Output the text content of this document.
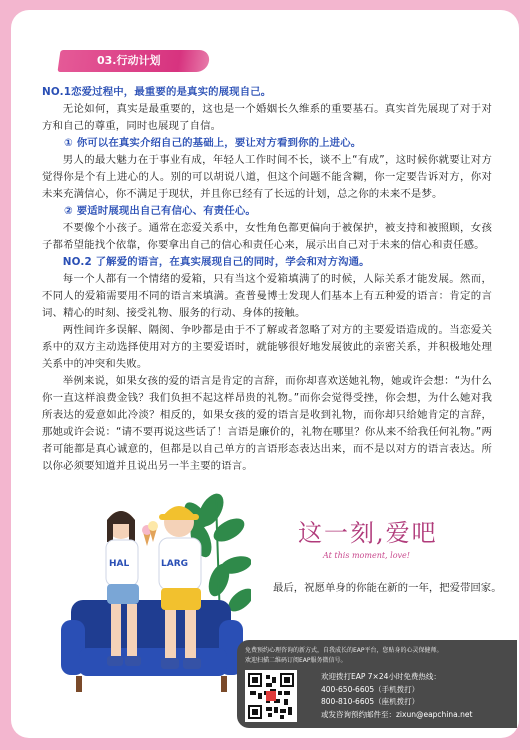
03.行动计划

NO.1恋爱过程中，最重要的是真实的展现自己。

无论如何，真实是最重要的，这也是一个婚姻长久维系的重要基石。真实首先展现了对于对方和自己的尊重，同时也展现了自信。

① 你可以在真实介绍自己的基础上，要让对方看到你的上进心。

男人的最大魅力在于事业有成，年轻人工作时间不长，谈不上“有成”，这时候你就要让对方觉得你是个有上进心的人。别的可以胡说八道，但这个问题不能含糊，你一定要告诉对方，你对未来充满信心，你不满足于现状，并且你已经有了长远的计划，总之你的未来不是梦。

② 要适时展现出自己有信心、有责任心。

不要像个小孩子。通常在恋爱关系中，女性角色都更偏向于被保护，被支持和被照顾，女孩子都希望能找个依靠，你要拿出自己的信心和责任心来，展示出自己对于未来的信心和责任感。

NO.2 了解爱的语言，在真实展现自己的同时，学会和对方沟通。

每一个人都有一个情绪的爱箱，只有当这个爱箱填满了的时候，人际关系才能发展。然而，不同人的爱箱需要用不同的语言来填满。查普曼博士发现人们基本上有五种爱的语言：肯定的言词、精心的时刻、接受礼物、服务的行动、身体的接触。

两性间许多误解、隔阂、争吵都是由于不了解或者忽略了对方的主要爱语造成的。当恋爱关系中的双方主动选择使用对方的主要爱语时，就能够很好地发展彼此的亲密关系，并积极地处理关系中的冲突和失败。

举例来说，如果女孩的爱的语言是肯定的言辞，而你却喜欢送她礼物，她或许会想：“为什么你一直这样浪费金钱？我们负担不起这样昂贵的礼物。”而你会觉得受挫，你会想，为什么她对我所表达的爱意如此冷淡？相反的，如果女孩的爱的语言是收到礼物，而你却只给她肯定的言辞，那她或许会说：“请不要再说这些话了！言语是廉价的，礼物在哪里？你从来不给我任何礼物。”两者可能都是真心诚意的，但都是以自己单方的言语形态表达出来，而不是以对方的语言表达。所以你必须要知道并且说出另一半主要的语言。

HAL	LARG
这一刻,爱吧
At this moment, love!
最后，祝愿单身的你能在新的一年，把爱带回家。
免费预约心理咨询的新方式，自我成长的EAP平台，您贴身的心灵保健师。
欢迎扫描二维码订阅EAP服务微信号。
欢迎拨打EAP 7×24小时免费热线：
400-650-6605（手机拨打）
800-810-6605（座机拨打）
或发咨询预约邮件至：zixun@eapchina.net
